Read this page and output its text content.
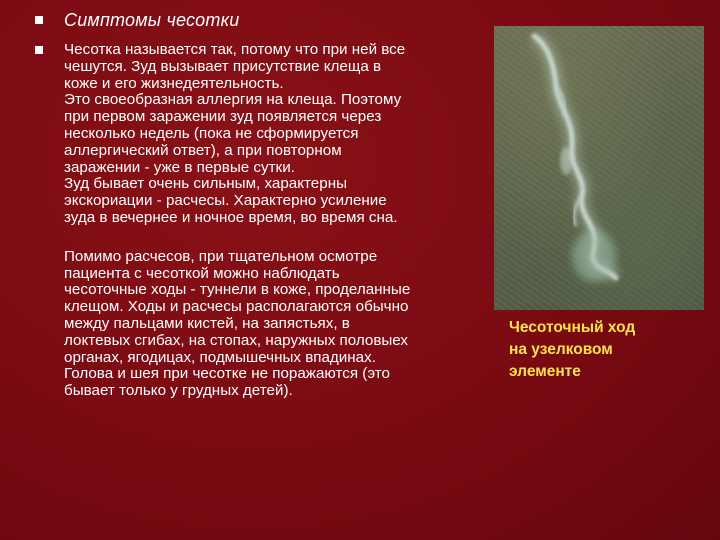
Симптомы чесотки

Чесотка называется так, потому что при ней все
чешутся. Зуд вызывает присутствие клеща в
коже и его жизнедеятельность.
Это своеобразная аллергия на клеща. Поэтому
при первом заражении зуд появляется через
несколько недель (пока не сформируется
аллергический ответ), а при повторном
заражении - уже в первые сутки.
Зуд бывает очень сильным, характерны
экскориации - расчесы. Характерно усиление
зуда в вечернее и ночное время, во время сна.

Помимо расчесов, при тщательном осмотре
пациента с чесоткой можно наблюдать
чесоточные ходы - туннели в коже, проделанные
клещом. Ходы и расчесы располагаются обычно
между пальцами кистей, на запястьях, в
локтевых сгибах, на стопах, наружных половыех
органах, ягодицах, подмышечных впадинах.
Голова и шея при чесотке не поражаются (это
бывает только у грудных детей).

Чесоточный ход
на узелковом
элементе
